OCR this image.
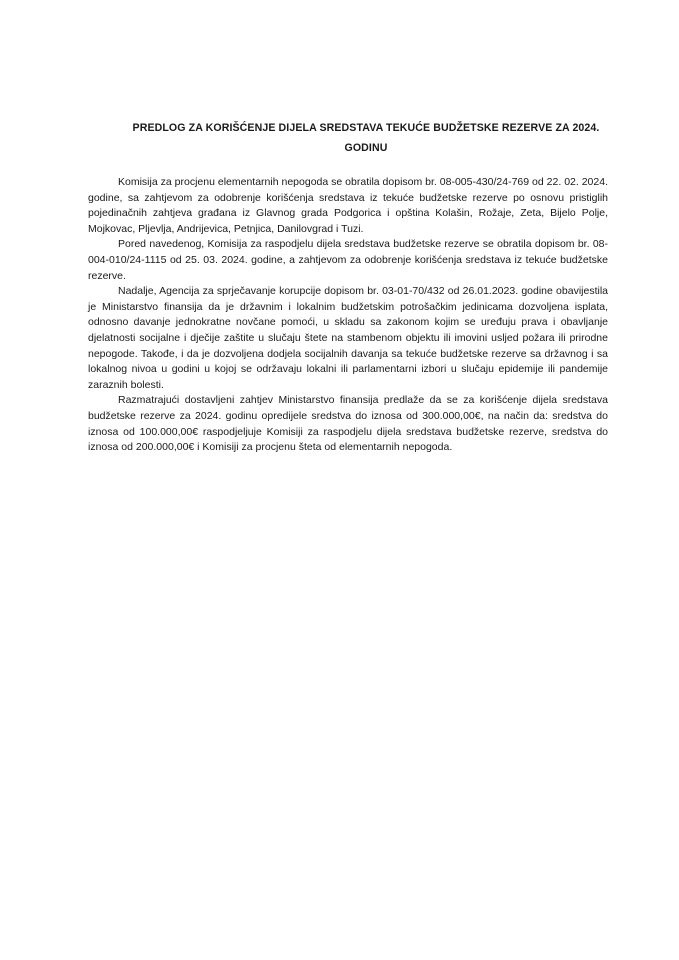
PREDLOG ZA KORIŠĆENJE DIJELA SREDSTAVA TEKUĆE BUDŽETSKE REZERVE ZA 2024.
GODINU

Komisija za procjenu elementarnih nepogoda se obratila dopisom br. 08-005-430/24-769 od 22. 02. 2024. godine, sa zahtjevom za odobrenje korišćenja sredstava iz tekuće budžetske rezerve po osnovu pristiglih pojedinačnih zahtjeva građana iz Glavnog grada Podgorica i opština Kolašin, Rožaje, Zeta, Bijelo Polje, Mojkovac, Pljevlja, Andrijevica, Petnjica, Danilovgrad i Tuzi.

Pored navedenog, Komisija za raspodjelu dijela sredstava budžetske rezerve se obratila dopisom br. 08-004-010/24-1115 od 25. 03. 2024. godine, a zahtjevom za odobrenje korišćenja sredstava iz tekuće budžetske rezerve.

Nadalje, Agencija za sprječavanje korupcije dopisom br. 03-01-70/432 od 26.01.2023. godine obavijestila je Ministarstvo finansija da je državnim i lokalnim budžetskim potrošačkim jedinicama dozvoljena isplata, odnosno davanje jednokratne novčane pomoći, u skladu sa zakonom kojim se uređuju prava i obavljanje djelatnosti socijalne i dječije zaštite u slučaju štete na stambenom objektu ili imovini usljed požara ili prirodne nepogode. Takođe, i da je dozvoljena dodjela socijalnih davanja sa tekuće budžetske rezerve sa državnog i sa lokalnog nivoa u godini u kojoj se održavaju lokalni ili parlamentarni izbori u slučaju epidemije ili pandemije zaraznih bolesti.

Razmatrajući dostavljeni zahtjev Ministarstvo finansija predlaže da se za korišćenje dijela sredstava budžetske rezerve za 2024. godinu opredijele sredstva do iznosa od 300.000,00€, na način da: sredstva do iznosa od 100.000,00€ raspodjeljuje Komisiji za raspodjelu dijela sredstava budžetske rezerve, sredstva do iznosa od 200.000,00€ i Komisiji za procjenu šteta od elementarnih nepogoda.
